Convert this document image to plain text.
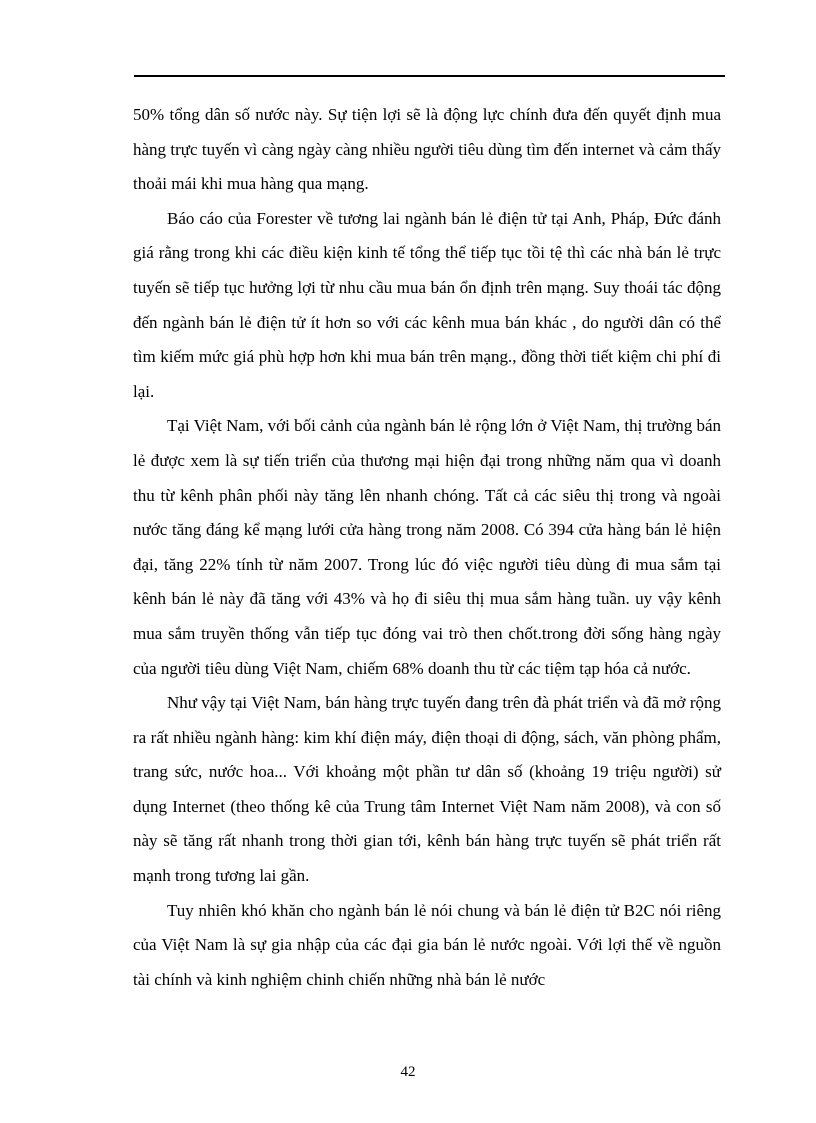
50% tổng dân số nước này. Sự tiện lợi sẽ là động lực chính đưa đến quyết định mua hàng trực tuyến vì càng ngày càng nhiều người tiêu dùng tìm đến internet và cảm thấy thoải mái khi mua hàng qua mạng.

Báo cáo của Forester về tương lai ngành bán lẻ điện tử tại Anh, Pháp, Đức đánh giá rằng trong khi các điều kiện kinh tế tổng thể tiếp tục tồi tệ thì các nhà bán lẻ trực tuyến sẽ tiếp tục hưởng lợi từ nhu cầu mua bán ổn định trên mạng. Suy thoái tác động đến ngành bán lẻ điện tử ít hơn so với các kênh mua bán khác , do người dân có thể tìm kiếm mức giá phù hợp hơn khi mua bán trên mạng., đồng thời tiết kiệm chi phí đi lại.

Tại Việt Nam, với bối cảnh của ngành bán lẻ rộng lớn ở Việt Nam, thị trường bán lẻ được xem là sự tiến triển của thương mại hiện đại trong những năm qua vì doanh thu từ kênh phân phối này tăng lên nhanh chóng. Tất cả các siêu thị trong và ngoài nước tăng đáng kể mạng lưới cửa hàng trong năm 2008. Có 394 cửa hàng bán lẻ hiện đại, tăng 22% tính từ năm 2007. Trong lúc đó việc người tiêu dùng đi mua sắm tại kênh bán lẻ này đã tăng với 43% và họ đi siêu thị mua sắm hàng tuần. uy vậy kênh mua sắm truyền thống vẫn tiếp tục đóng vai trò then chốt.trong đời sống hàng ngày của người tiêu dùng Việt Nam, chiếm 68% doanh thu từ các tiệm tạp hóa cả nước.

Như vậy tại Việt Nam, bán hàng trực tuyến đang trên đà phát triển và đã mở rộng ra rất nhiều ngành hàng: kim khí điện máy, điện thoại di động, sách, văn phòng phẩm, trang sức, nước hoa... Với khoảng một phần tư dân số (khoảng 19 triệu người) sử dụng Internet (theo thống kê của Trung tâm Internet Việt Nam năm 2008), và con số này sẽ tăng rất nhanh trong thời gian tới, kênh bán hàng trực tuyến sẽ phát triển rất mạnh trong tương lai gần.

Tuy nhiên khó khăn cho ngành bán lẻ nói chung và bán lẻ điện tử B2C nói riêng của Việt Nam là sự gia nhập của các đại gia bán lẻ nước ngoài. Với lợi thế về nguồn tài chính và kinh nghiệm chinh chiến những nhà bán lẻ nước

42
